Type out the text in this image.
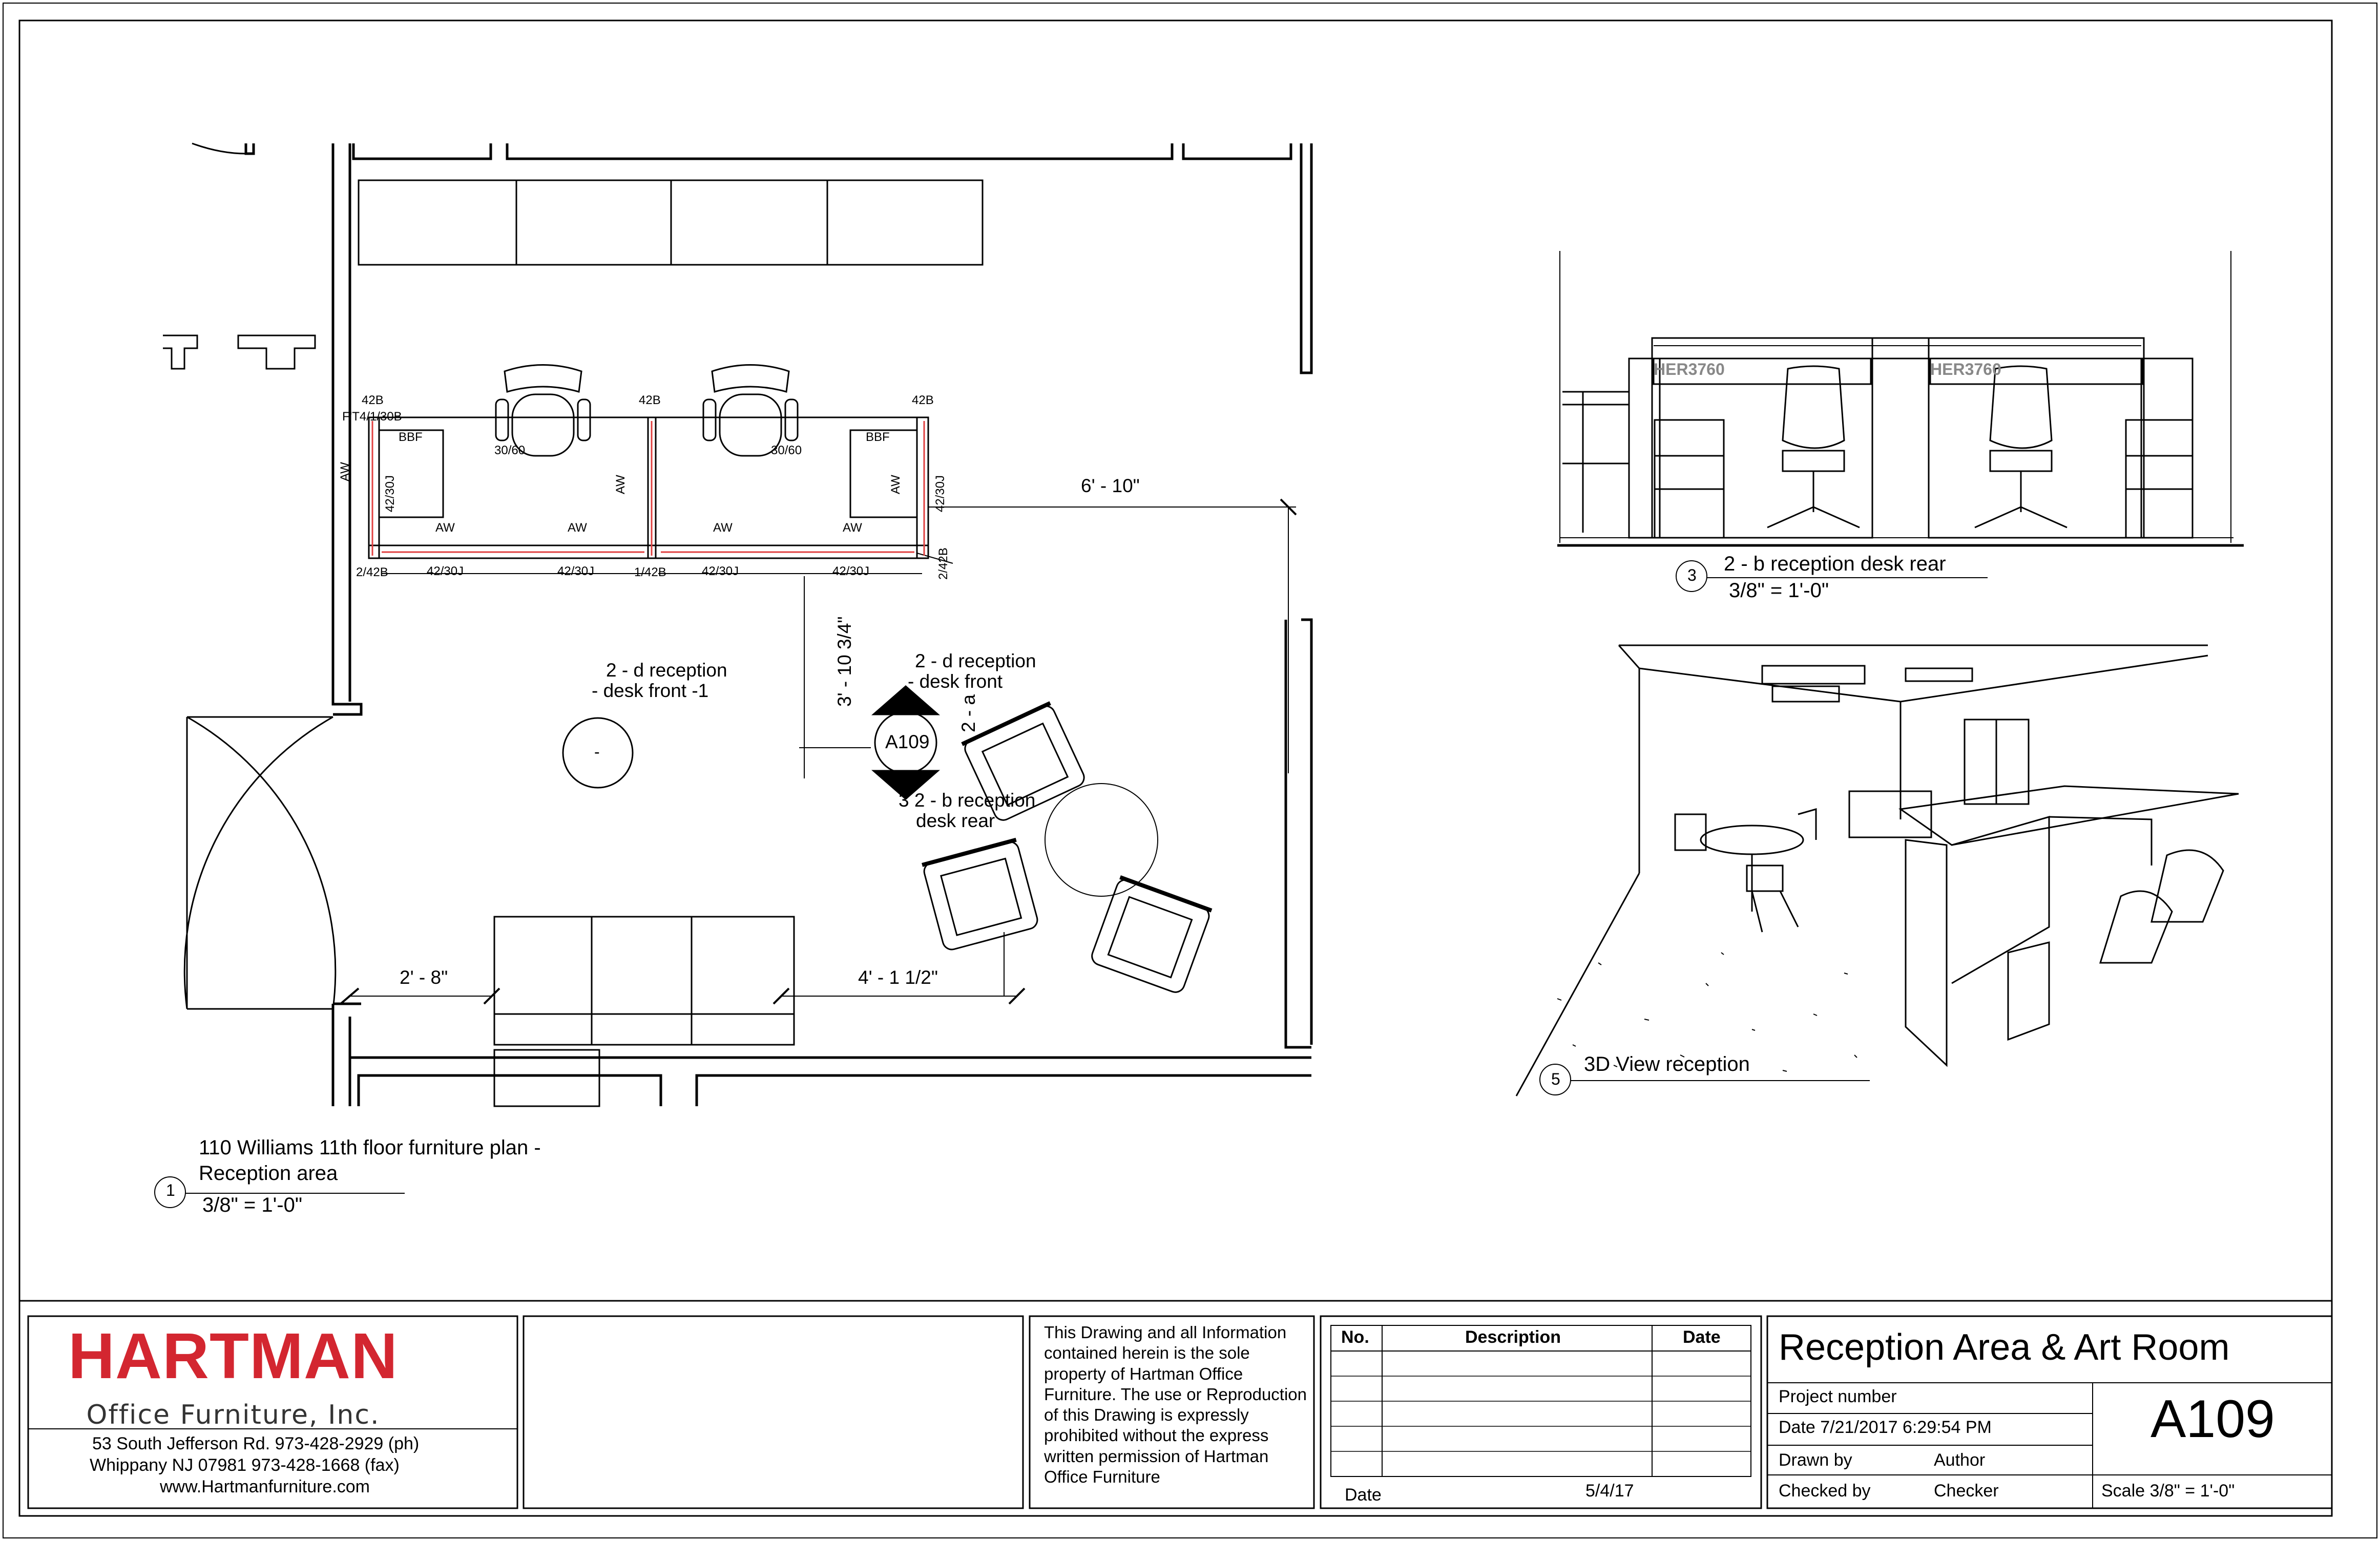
42B	42B	42B
F'T4/1/30B
BBF	BBF
30/60	30/60
AW
AW	AW
42/30J	42/30J
AW	AW	AW	AW
42/30J	42/30J	42/30J	42/30J
2/42B	1/42B	2/42B
6' - 10"
3' - 10 3/4"
2' - 8"	4' - 1 1/2"
2 - d reception
- desk front -1
-	A109
2 - d reception
- desk front
2 - a
3 2 - b reception
desk rear
1
110 Williams 11th floor furniture plan -
Reception area
3/8" = 1'-0"
HER3760	HER3760
3 2 - b reception desk rear
3/8" = 1'-0"
5
3D View reception
HARTMAN
Office Furniture, Inc.
53 South Jefferson Rd. 973-428-2929 (ph)
Whippany NJ 07981 973-428-1668 (fax)
www.Hartmanfurniture.com
This Drawing and all Information contained herein is the sole property of Hartman Office Furniture. The use or Reproduction of this Drawing is expressly prohibited without the express written permission of Hartman Office Furniture
No.	Description	Date
Date	5/4/17
Reception Area & Art Room
Project number
Date 7/21/2017 6:29:54 PM	A109
Drawn by	Author
Checked by	Checker	Scale 3/8" = 1'-0"
